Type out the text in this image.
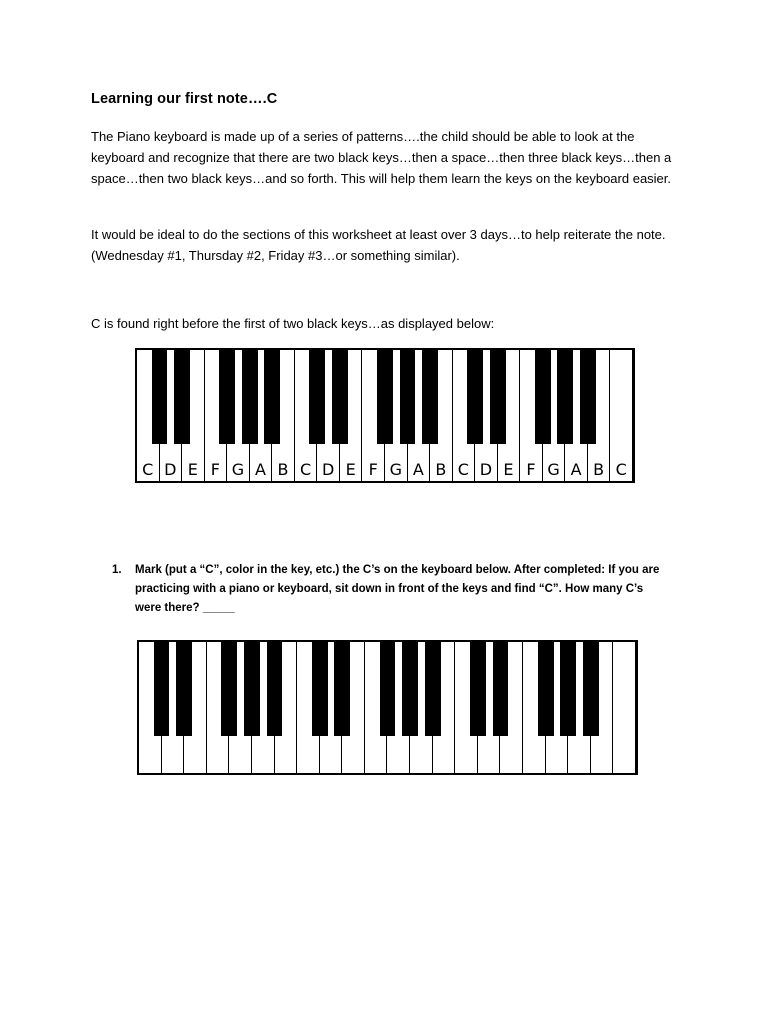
Learning our first note….C
The Piano keyboard is made up of a series of patterns….the child should be able to look at the keyboard and recognize that there are two black keys…then a space…then three black keys…then a space…then two black keys…and so forth. This will help them learn the keys on the keyboard easier.
It would be ideal to do the sections of this worksheet at least over 3 days…to help reiterate the note. (Wednesday #1, Thursday #2, Friday #3…or something similar).
C is found right before the first of two black keys…as displayed below:
C D E F G A B C D E F G A B C D E F G A B C
1. Mark (put a “C”, color in the key, etc.) the C’s on the keyboard below. After completed: If you are practicing with a piano or keyboard, sit down in front of the keys and find “C”. How many C’s were there? _____
